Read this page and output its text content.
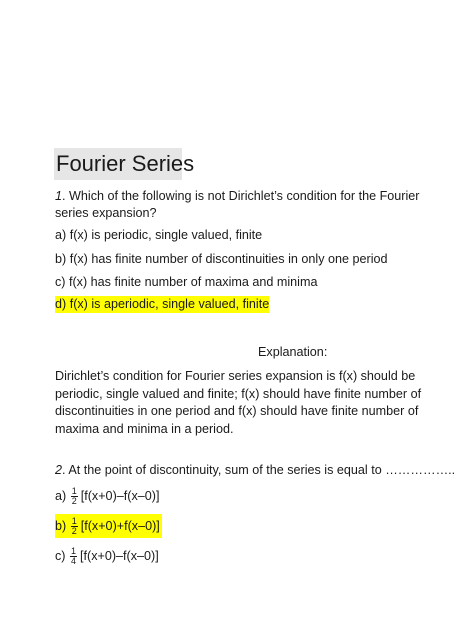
Fourier Series
1. Which of the following is not Dirichlet’s condition for the Fourier
series expansion?
a) f(x) is periodic, single valued, finite
b) f(x) has finite number of discontinuities in only one period
c) f(x) has finite number of maxima and minima
d) f(x) is aperiodic, single valued, finite
Explanation:
Dirichlet’s condition for Fourier series expansion is f(x) should be periodic, single valued and finite; f(x) should have finite number of discontinuities in one period and f(x) should have finite number of maxima and minima in a period.
2. At the point of discontinuity, sum of the series is equal to ……………..
a)
$\frac{1}{2} [f(x+0)-f(x-0)]$
b)
$\frac{1}{2} [f(x+0)+f(x-0)]$
c)
$\frac{1}{4} [f(x+0)-f(x-0)]$
